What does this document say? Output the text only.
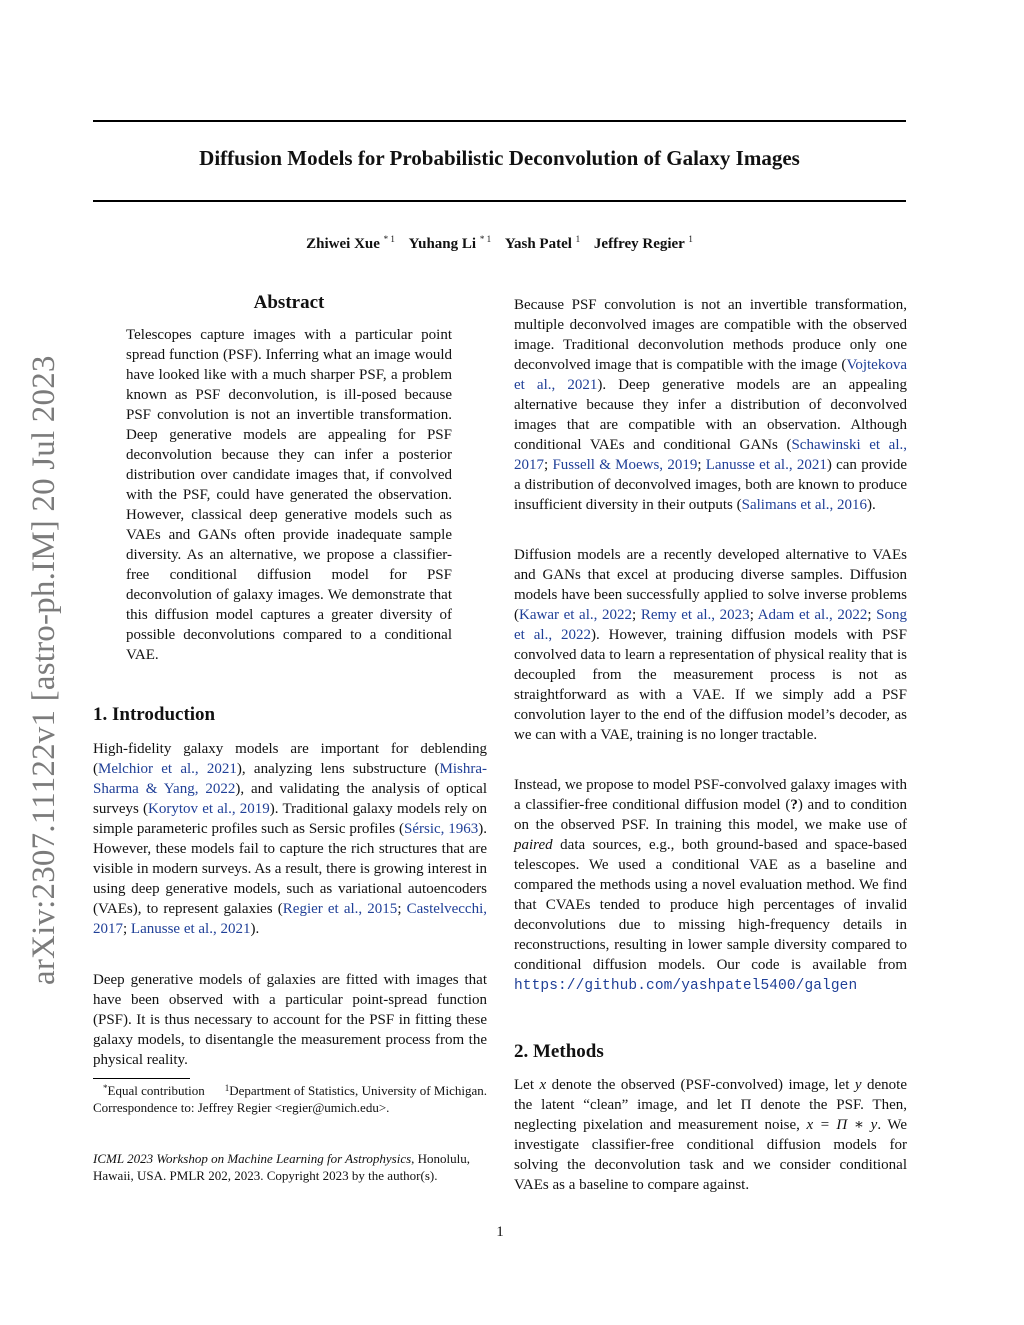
Diffusion Models for Probabilistic Deconvolution of Galaxy Images
Zhiwei Xue $^{* 1}$ Yuhang Li $^{* 1}$ Yash Patel $^1$ Jeffrey Regier $^1$
arXiv:2307.11122v1 [astro-ph.IM] 20 Jul 2023
Abstract

Telescopes capture images with a particular point spread function (PSF). Inferring what an image would have looked like with a much sharper PSF, a problem known as PSF deconvolution, is ill-posed because PSF convolution is not an invertible transformation. Deep generative models are appealing for PSF deconvolution because they can infer a posterior distribution over candidate images that, if convolved with the PSF, could have generated the observation. However, classical deep generative models such as VAEs and GANs often provide inadequate sample diversity. As an alternative, we propose a classifier-free conditional diffusion model for PSF deconvolution of galaxy images. We demonstrate that this diffusion model captures a greater diversity of possible deconvolutions compared to a conditional VAE.

1. Introduction

High-fidelity galaxy models are important for deblending (Melchior et al., 2021), analyzing lens substructure (Mishra-Sharma & Yang, 2022), and validating the analysis of optical surveys (Korytov et al., 2019). Traditional galaxy models rely on simple parameteric profiles such as Sersic profiles (Sérsic, 1963). However, these models fail to capture the rich structures that are visible in modern surveys. As a result, there is growing interest in using deep generative models, such as variational autoencoders (VAEs), to represent galaxies (Regier et al., 2015; Castelvecchi, 2017; Lanusse et al., 2021).

Deep generative models of galaxies are fitted with images that have been observed with a particular point-spread function (PSF). It is thus necessary to account for the PSF in fitting these galaxy models, to disentangle the measurement process from the physical reality.

*Equal contribution $^1$Department of Statistics, University of Michigan. Correspondence to: Jeffrey Regier <regier@umich.edu>.
ICML 2023 Workshop on Machine Learning for Astrophysics, Honolulu, Hawaii, USA. PMLR 202, 2023. Copyright 2023 by the author(s).

Because PSF convolution is not an invertible transformation, multiple deconvolved images are compatible with the observed image. Traditional deconvolution methods produce only one deconvolved image that is compatible with the image (Vojtekova et al., 2021). Deep generative models are an appealing alternative because they infer a distribution of deconvolved images that are compatible with an observation. Although conditional VAEs and conditional GANs (Schawinski et al., 2017; Fussell & Moews, 2019; Lanusse et al., 2021) can provide a distribution of deconvolved images, both are known to produce insufficient diversity in their outputs (Salimans et al., 2016).

Diffusion models are a recently developed alternative to VAEs and GANs that excel at producing diverse samples. Diffusion models have been successfully applied to solve inverse problems (Kawar et al., 2022; Remy et al., 2023; Adam et al., 2022; Song et al., 2022). However, training diffusion models with PSF convolved data to learn a representation of physical reality that is decoupled from the measurement process is not as straightforward as with a VAE. If we simply add a PSF convolution layer to the end of the diffusion model’s decoder, as we can with a VAE, training is no longer tractable.

Instead, we propose to model PSF-convolved galaxy images with a classifier-free conditional diffusion model (?) and to condition on the observed PSF. In training this model, we make use of paired data sources, e.g., both ground-based and space-based telescopes. We used a conditional VAE as a baseline and compared the methods using a novel evaluation method. We find that CVAEs tended to produce high percentages of invalid deconvolutions due to missing high-frequency details in reconstructions, resulting in lower sample diversity compared to conditional diffusion models. Our code is available from https://github.com/yashpatel5400/galgen

2. Methods

Let x denote the observed (PSF-convolved) image, let y denote the latent “clean” image, and let Π denote the PSF. Then, neglecting pixelation and measurement noise, x = Π ∗ y. We investigate classifier-free conditional diffusion models for solving the deconvolution task and we consider conditional VAEs as a baseline to compare against.

1
